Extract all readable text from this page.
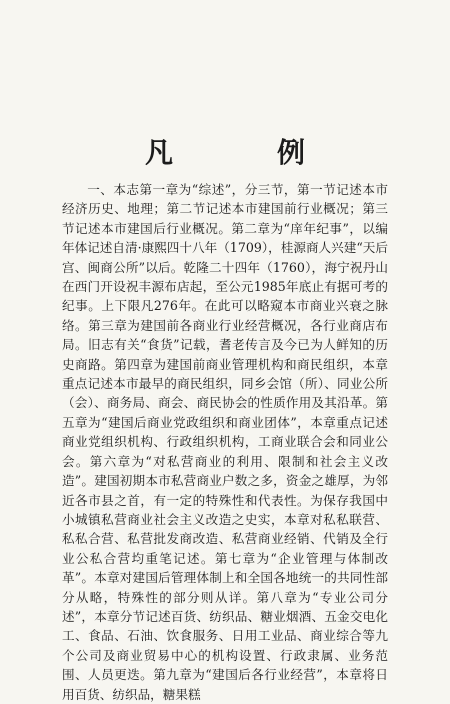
凡　例

一、本志第一章为“综述”，分三节，第一节记述本市经济历史、地理；第二节记述本市建国前行业概况；第三节记述本市建国后行业概况。第二章为“庠年纪事”，以编年体记述自清·康熙四十八年（1709），桂源商人兴建“天后宫、闽商公所”以后。乾隆二十四年（1760），海宁祝丹山在西门开设祝丰源布店起，至公元1985年底止有据可考的纪事。上下限凡276年。在此可以略窥本市商业兴衰之脉络。第三章为建国前各商业行业经营概况，各行业商店布局。旧志有关“食货”记载，耆老传言及今已为人鲜知的历史商路。第四章为建国前商业管理机构和商民组织，本章重点记述本市最早的商民组织，同乡会馆（所）、同业公所（会）、商务局、商会、商民协会的性质作用及其沿革。第五章为“建国后商业党政组织和商业团体”，本章重点记述商业党组织机构、行政组织机构，工商业联合会和同业公会。第六章为“对私营商业的利用、限制和社会主义改造”。建国初期本市私营商业户数之多，资金之雄厚，为邻近各市县之首，有一定的特殊性和代表性。为保存我国中小城镇私营商业社会主义改造之史实，本章对私私联营、私私合营、私营批发商改造、私营商业经销、代销及全行业公私合营均重笔记述。第七章为“企业管理与体制改革”。本章对建国后管理体制上和全国各地统一的共同性部分从略，特殊性的部分则从详。第八章为“专业公司分述”，本章分节记述百货、纺织品、糖业烟酒、五金交电化工、食品、石油、饮食服务、日用工业品、商业综合等九个公司及商业贸易中心的机构设置、行政隶属、业务范围、人员更迭。第九章为“建国后各行业经营”，本章将日用百货、纺织品，糖果糕
